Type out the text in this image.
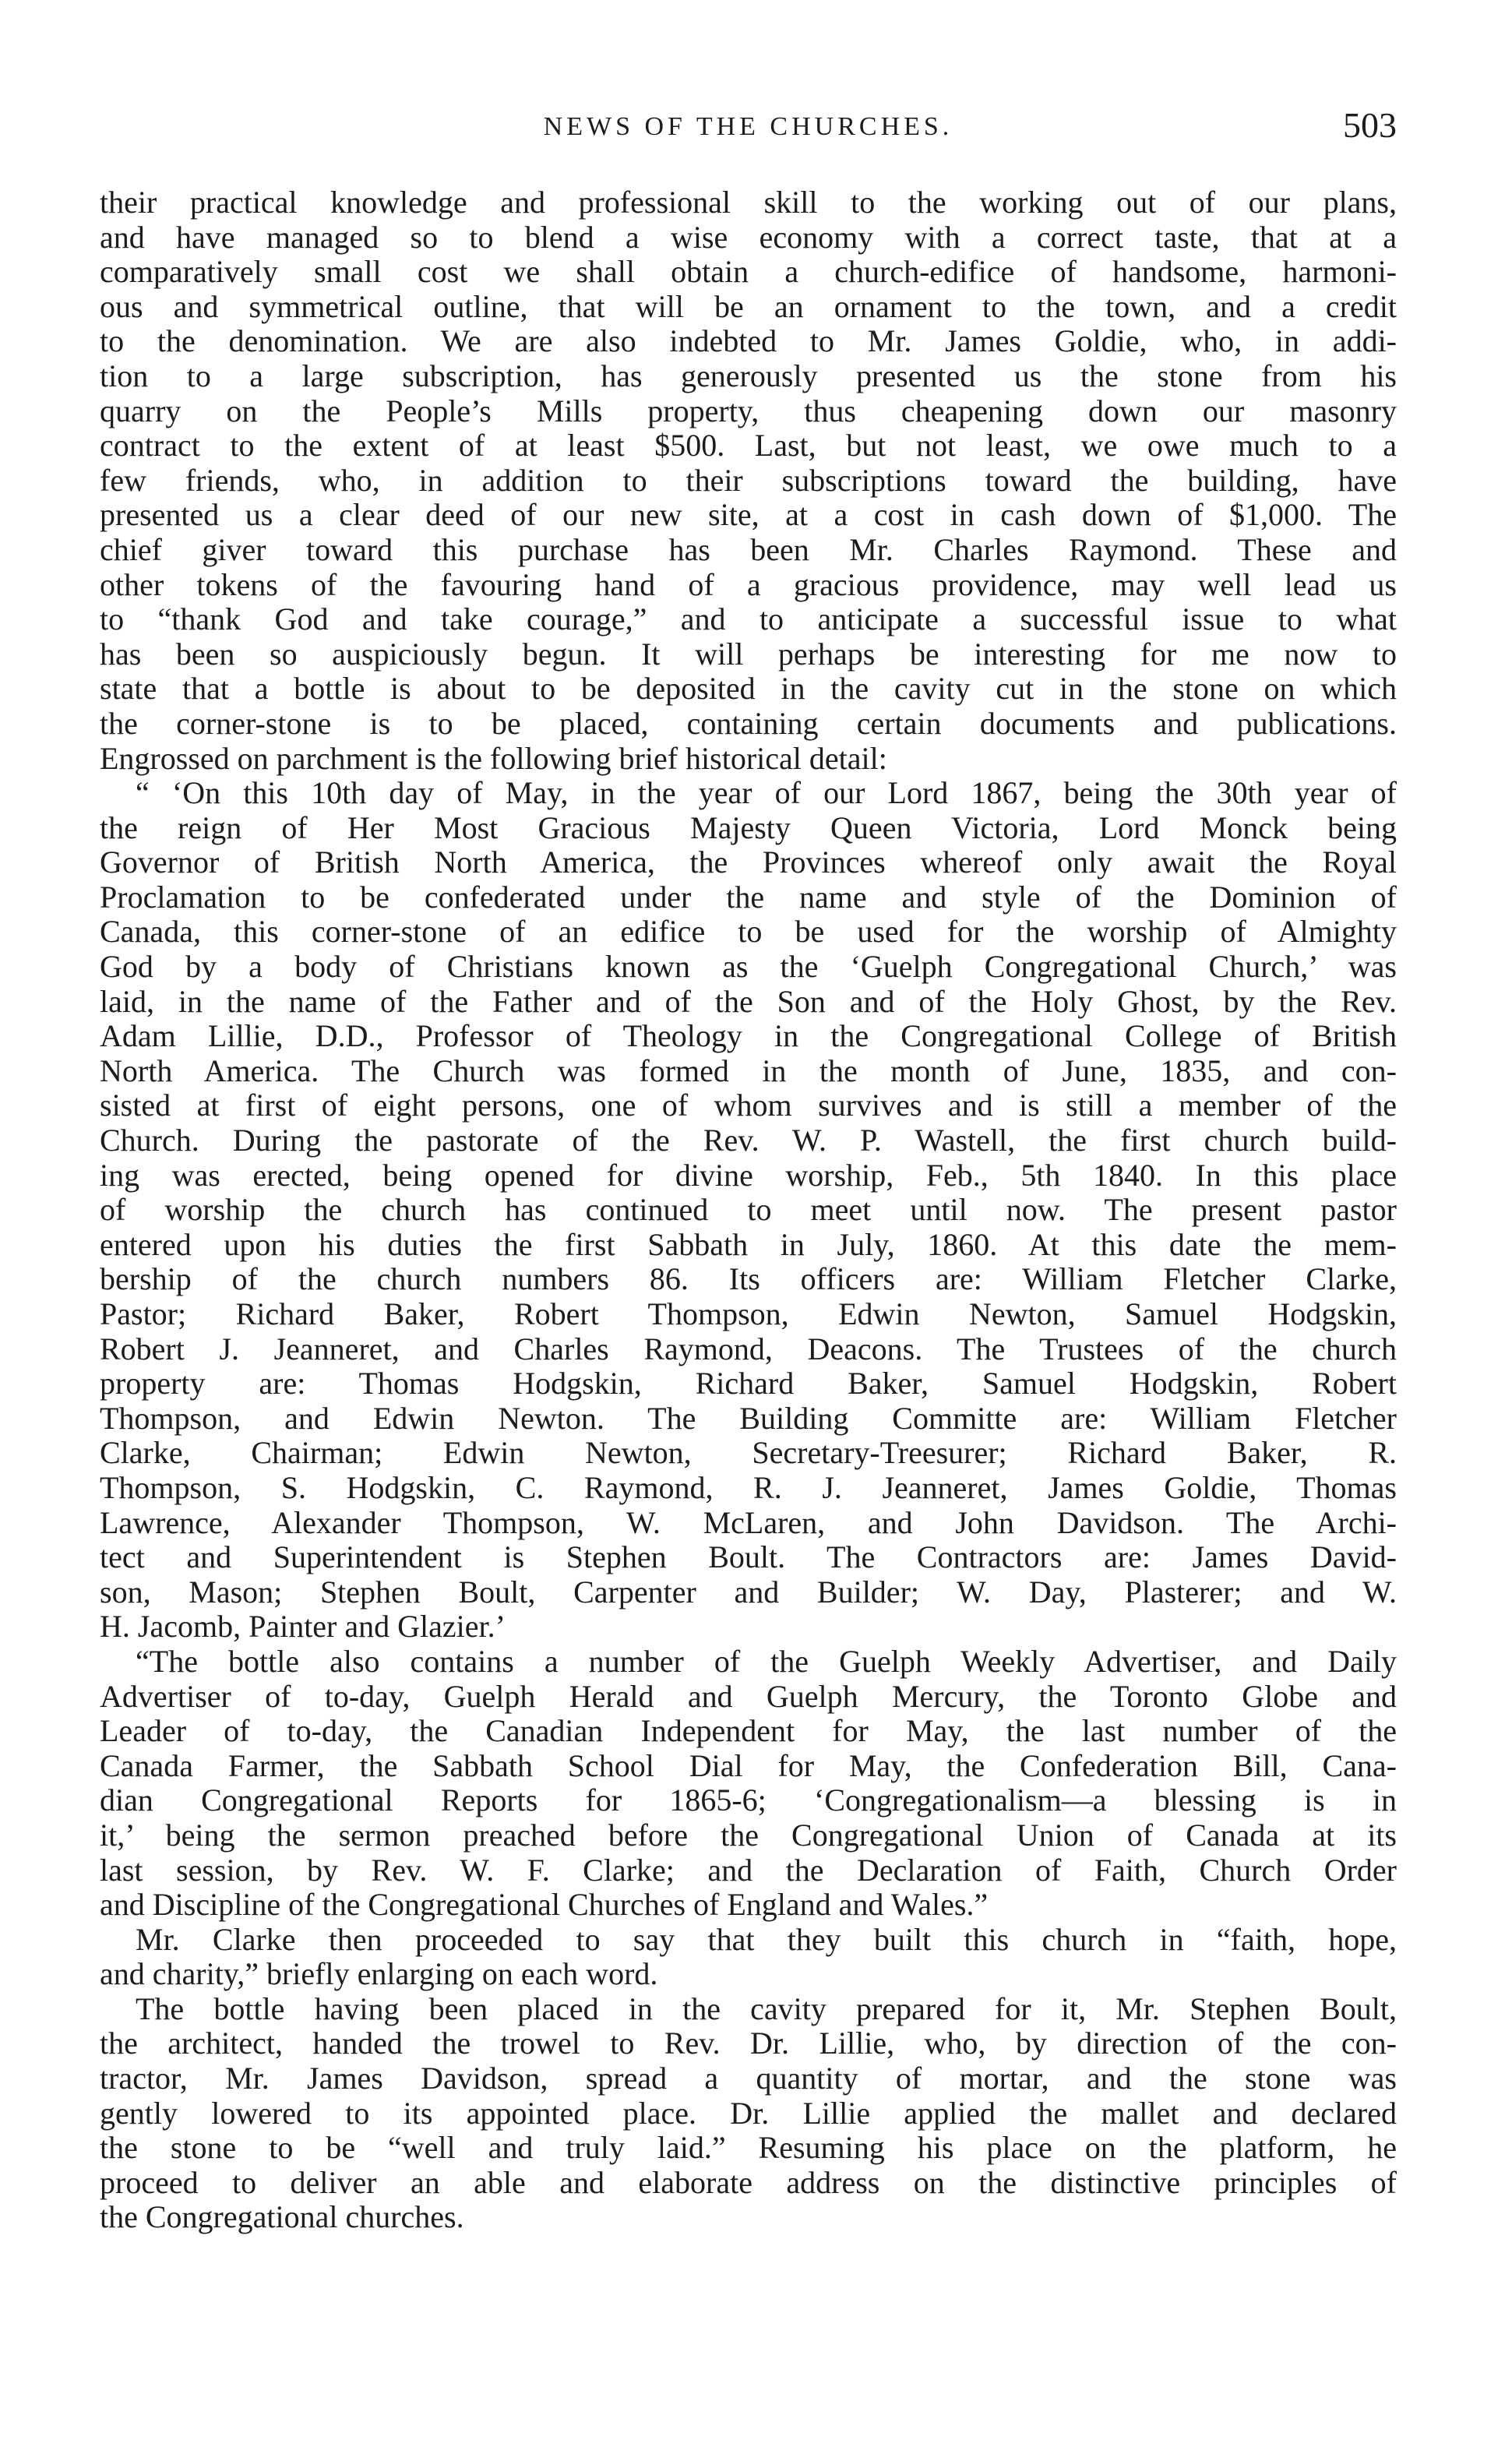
NEWS OF THE CHURCHES.	503
their practical knowledge and professional skill to the working out of our plans,
and have managed so to blend a wise economy with a correct taste, that at a
comparatively small cost we shall obtain a church-edifice of handsome, harmoni-
ous and symmetrical outline, that will be an ornament to the town, and a credit
to the denomination. We are also indebted to Mr. James Goldie, who, in addi-
tion to a large subscription, has generously presented us the stone from his
quarry on the People’s Mills property, thus cheapening down our masonry
contract to the extent of at least $500. Last, but not least, we owe much to a
few friends, who, in addition to their subscriptions toward the building, have
presented us a clear deed of our new site, at a cost in cash down of $1,000. The
chief giver toward this purchase has been Mr. Charles Raymond. These and
other tokens of the favouring hand of a gracious providence, may well lead us
to “thank God and take courage,” and to anticipate a successful issue to what
has been so auspiciously begun. It will perhaps be interesting for me now to
state that a bottle is about to be deposited in the cavity cut in the stone on which
the corner-stone is to be placed, containing certain documents and publications.
Engrossed on parchment is the following brief historical detail:
“ ‘On this 10th day of May, in the year of our Lord 1867, being the 30th year of
the reign of Her Most Gracious Majesty Queen Victoria, Lord Monck being
Governor of British North America, the Provinces whereof only await the Royal
Proclamation to be confederated under the name and style of the Dominion of
Canada, this corner-stone of an edifice to be used for the worship of Almighty
God by a body of Christians known as the ‘Guelph Congregational Church,’ was
laid, in the name of the Father and of the Son and of the Holy Ghost, by the Rev.
Adam Lillie, D.D., Professor of Theology in the Congregational College of British
North America. The Church was formed in the month of June, 1835, and con-
sisted at first of eight persons, one of whom survives and is still a member of the
Church. During the pastorate of the Rev. W. P. Wastell, the first church build-
ing was erected, being opened for divine worship, Feb., 5th 1840. In this place
of worship the church has continued to meet until now. The present pastor
entered upon his duties the first Sabbath in July, 1860. At this date the mem-
bership of the church numbers 86. Its officers are: William Fletcher Clarke,
Pastor; Richard Baker, Robert Thompson, Edwin Newton, Samuel Hodgskin,
Robert J. Jeanneret, and Charles Raymond, Deacons. The Trustees of the church
property are: Thomas Hodgskin, Richard Baker, Samuel Hodgskin, Robert
Thompson, and Edwin Newton. The Building Committe are: William Fletcher
Clarke, Chairman; Edwin Newton, Secretary-Treesurer; Richard Baker, R.
Thompson, S. Hodgskin, C. Raymond, R. J. Jeanneret, James Goldie, Thomas
Lawrence, Alexander Thompson, W. McLaren, and John Davidson. The Archi-
tect and Superintendent is Stephen Boult. The Contractors are: James David-
son, Mason; Stephen Boult, Carpenter and Builder; W. Day, Plasterer; and W.
H. Jacomb, Painter and Glazier.’
“The bottle also contains a number of the Guelph Weekly Advertiser, and Daily
Advertiser of to-day, Guelph Herald and Guelph Mercury, the Toronto Globe and
Leader of to-day, the Canadian Independent for May, the last number of the
Canada Farmer, the Sabbath School Dial for May, the Confederation Bill, Cana-
dian Congregational Reports for 1865-6; ‘Congregationalism—a blessing is in
it,’ being the sermon preached before the Congregational Union of Canada at its
last session, by Rev. W. F. Clarke; and the Declaration of Faith, Church Order
and Discipline of the Congregational Churches of England and Wales.”
Mr. Clarke then proceeded to say that they built this church in “faith, hope,
and charity,” briefly enlarging on each word.
The bottle having been placed in the cavity prepared for it, Mr. Stephen Boult,
the architect, handed the trowel to Rev. Dr. Lillie, who, by direction of the con-
tractor, Mr. James Davidson, spread a quantity of mortar, and the stone was
gently lowered to its appointed place. Dr. Lillie applied the mallet and declared
the stone to be “well and truly laid.” Resuming his place on the platform, he
proceed to deliver an able and elaborate address on the distinctive principles of
the Congregational churches.
